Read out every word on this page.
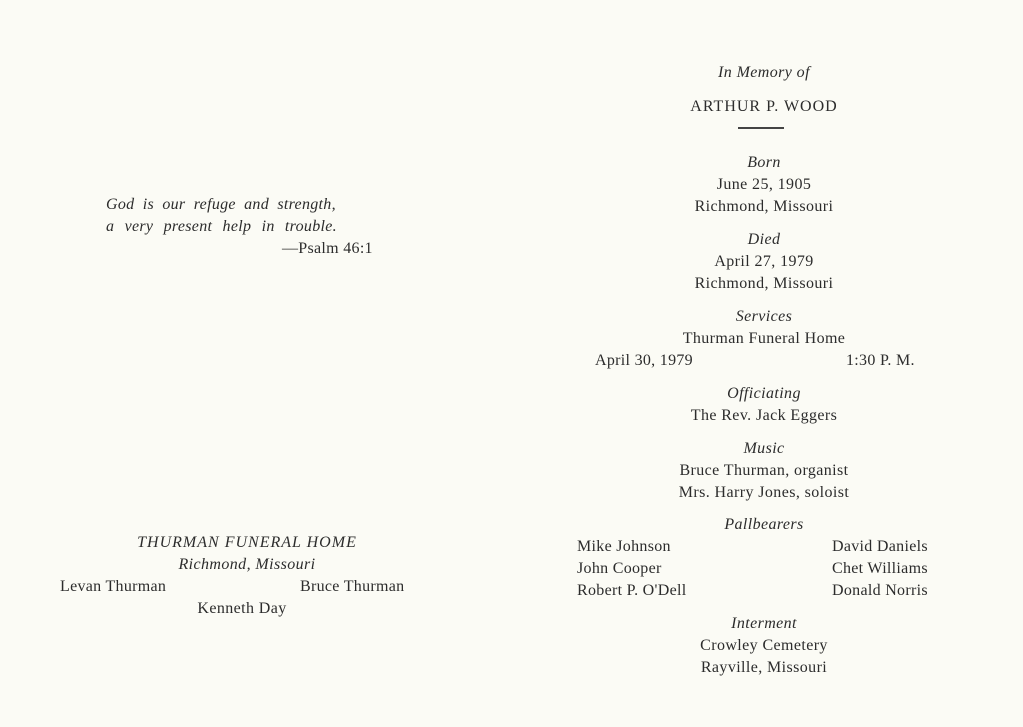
God is our refuge and strength,
a very present help in trouble.
—Psalm 46:1
THURMAN FUNERAL HOME
Richmond, Missouri
Levan Thurman	Bruce Thurman
Kenneth Day
In Memory of
ARTHUR P. WOOD
Born
June 25, 1905
Richmond, Missouri
Died
April 27, 1979
Richmond, Missouri
Services
Thurman Funeral Home
April 30, 1979	1:30 P. M.
Officiating
The Rev. Jack Eggers
Music
Bruce Thurman, organist
Mrs. Harry Jones, soloist
Pallbearers
Mike Johnson
John Cooper
Robert P. O'Dell
David Daniels
Chet Williams
Donald Norris
Interment
Crowley Cemetery
Rayville, Missouri
